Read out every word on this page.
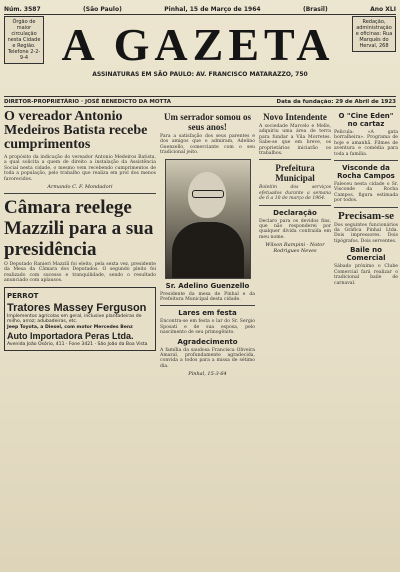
Núm. 3587	(São Paulo)	Pinhal, 15 de Março de 1964	(Brasil)	Ano XLI
Órgão de maior circulação nesta Cidade e Região. Telefone 2-2-9-4 A GAZETA	Redação, administração e oficinas: Rua Marquês do Herval, 268
ASSINATURAS EM SÃO PAULO: AV. FRANCISCO MATARAZZO, 750
DIRETOR-PROPRIETÁRIO · JOSÉ BENEDICTO DA MOTTA	Data da fundação: 29 de Abril de 1923
O vereador Antonio Medeiros Batista recebe cumprimentos
A propósito da indicação do vereador Antonio Medeiros Batista, a qual solicita a quem de direito a instalação da Assistência Social nesta cidade, o mesmo vem recebendo cumprimentos de toda a população, pelo trabalho que realiza em prol dos menos favorecidos.
Armando C. F. Mondadori
Câmara reelege Mazzili para a sua presidência
O Deputado Ranieri Mazzili foi eleito, pela sexta vez, presidente da Mesa da Câmara dos Deputados. O segundo pleito foi realizado com sucesso e tranquilidade, sendo o resultado anunciado com aplausos.
PERROT
Tratores Massey Ferguson
Implementos agrícolas em geral, inclusive plantadeiras de milho, arroz; adubadeiras, etc.
Jeep Toyota, a Diesel, com motor Mercedes Benz
Auto Importadora Peras Ltda.
Avenida João Osório, 411 · Fone 3421 · São João da Boa Vista
Um serrador somou os seus anos!
Para a satisfação dos seus parentes e dos amigos que o admiram, Adelino Guenzello, comerciante com o seu tradicional jeito.
Sr. Adelino Guenzello
Presidente da mesa de Pinhal e da Prefeitura Municipal desta cidade.
Lares em festa
Encontra-se em festa o lar do Sr. Sergio Sposati e de sua esposa, pelo nascimento de seu primogênito.
Agradecimento
A família da saudosa Francisca Oliveira Amaral, profundamente agradecida, convida a todos para a missa de sétimo dia.
Pinhal, 15-3-64
Novo Intendente
A sociedade Marcelo e Mello, adquiriu uma área de terra para fundar a Vila Morretes. Sabe-se que em breve, os proprietários iniciarão os trabalhos.
Prefeitura Municipal
Boletim dos serviços efetuados durante a semana de 6 a 10 de março de 1964.
Declaração
Declaro para os devidos fins, que não responderei por qualquer dívida contraída em meu nome.
Wilson Rampini · Notor Rodrigues Neves
O "Cine Eden" no cartaz
Pelicula: «A gata borralheira». Programa de hoje e amanhã. Filmes de aventura e comédia para toda a família.
Visconde da Rocha Campos
Faleceu nesta cidade o Sr. Visconde da Rocha Campos, figura estimada por todos.
Precisam-se
Dos seguintes funcionários da Gráfica Pinhal Ltda. Dois impressores. Dois tipógrafos. Dois serventes.
Baile no Comercial
Sábado próximo o Clube Comercial fará realizar o tradicional baile de carnaval.
